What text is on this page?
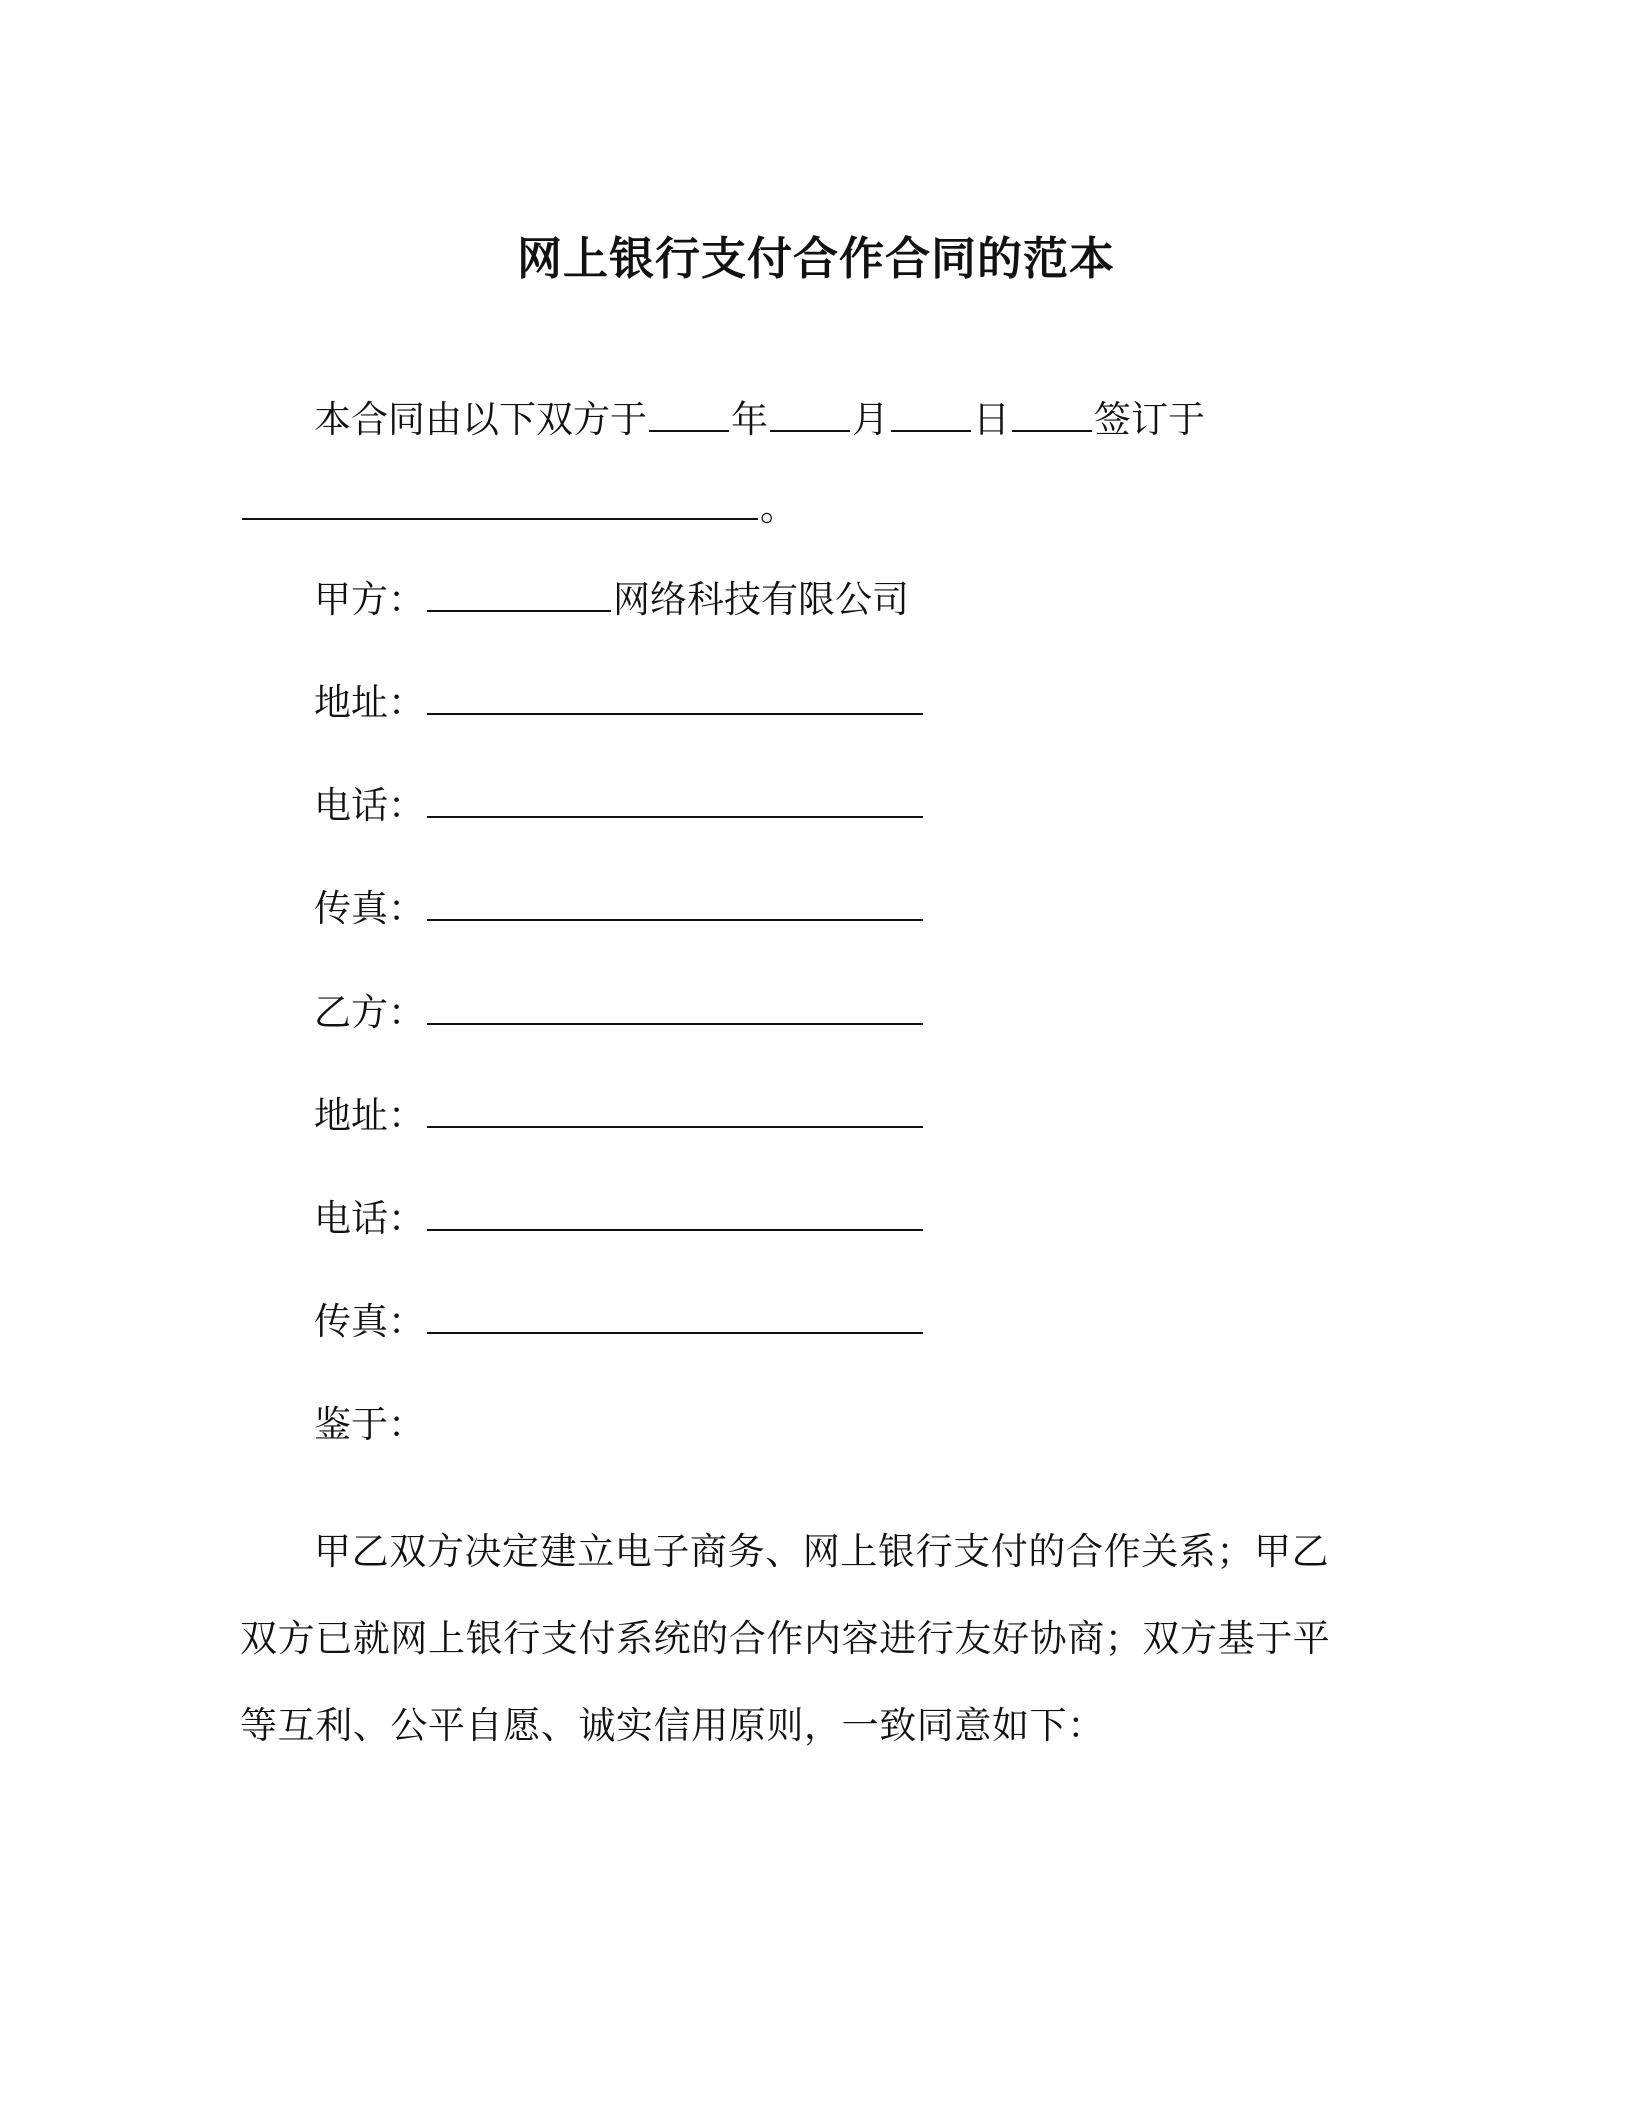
网上银行支付合作合同的范本
本合同由以下双方于 年 月 日 签订于
。
甲方：	网络科技有限公司
地址：
电话：
传真：
乙方：
地址：
电话：
传真：
鉴于：
甲乙双方决定建立电子商务、网上银行支付的合作关系；甲乙双方已就网上银行支付系统的合作内容进行友好协商；双方基于平等互利、公平自愿、诚实信用原则，一致同意如下：
